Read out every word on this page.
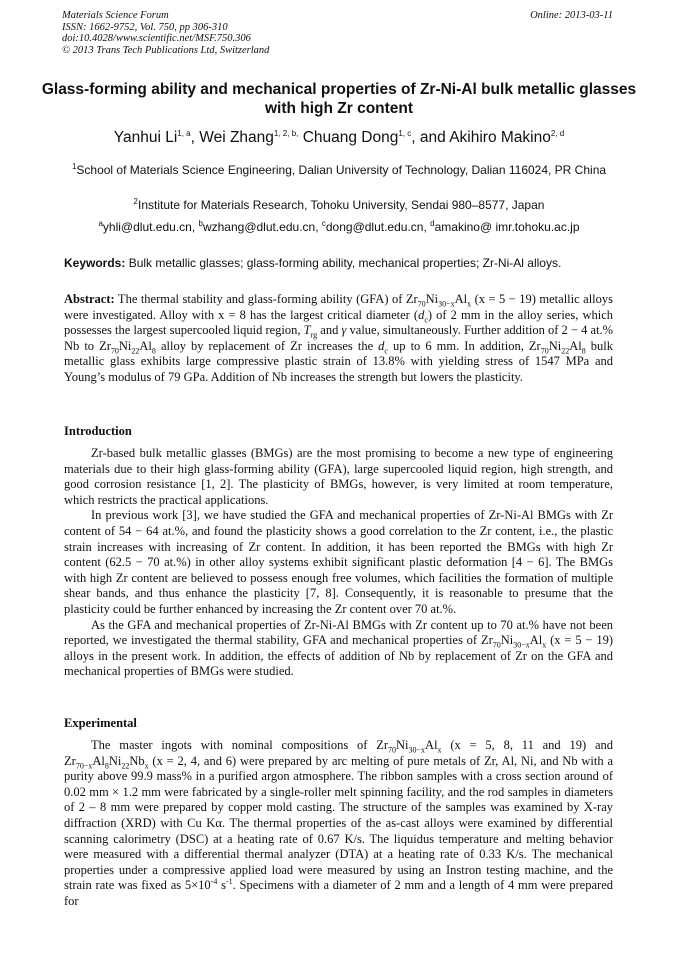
Materials Science Forum
ISSN: 1662-9752, Vol. 750, pp 306-310
doi:10.4028/www.scientific.net/MSF.750.306
© 2013 Trans Tech Publications Ltd, Switzerland
Online: 2013-03-11
Glass-forming ability and mechanical properties of Zr-Ni-Al bulk metallic glasses with high Zr content
Yanhui Li$^{1, a}$, Wei Zhang$^{1, 2, b,}$ Chuang Dong$^{1, c}$, and Akihiro Makino$^{2, d}$
$^1$School of Materials Science Engineering, Dalian University of Technology, Dalian 116024, PR China
$^2$Institute for Materials Research, Tohoku University, Sendai 980–8577, Japan
$^a$yhli@dlut.edu.cn, $^b$wzhang@dlut.edu.cn, $^c$dong@dlut.edu.cn, $^d$amakino@ imr.tohoku.ac.jp
Keywords: Bulk metallic glasses; glass-forming ability, mechanical properties; Zr-Ni-Al alloys.

Abstract: The thermal stability and glass-forming ability (GFA) of $Zr_{70}Ni_{30-x}Al_x$ (x = 5 − 19) metallic alloys were investigated. Alloy with x = 8 has the largest critical diameter $(d_c)$ of 2 mm in the alloy series, which possesses the largest supercooled liquid region, $T_{rg}$ and γ value, simultaneously. Further addition of 2 − 4 at.% Nb to $Zr_{70}Ni_{22}Al_8$ alloy by replacement of Zr increases the $d_c$ up to 6 mm. In addition, $Zr_{70}Ni_{22}Al_8$ bulk metallic glass exhibits large compressive plastic strain of 13.8% with yielding stress of 1547 MPa and Young’s modulus of 79 GPa. Addition of Nb increases the strength but lowers the plasticity.

Introduction

Zr-based bulk metallic glasses (BMGs) are the most promising to become a new type of engineering materials due to their high glass-forming ability (GFA), large supercooled liquid region, high strength, and good corrosion resistance [1, 2]. The plasticity of BMGs, however, is very limited at room temperature, which restricts the practical applications.

In previous work [3], we have studied the GFA and mechanical properties of Zr-Ni-Al BMGs with Zr content of 54 − 64 at.%, and found the plasticity shows a good correlation to the Zr content, i.e., the plastic strain increases with increasing of Zr content. In addition, it has been reported the BMGs with high Zr content (62.5 − 70 at.%) in other alloy systems exhibit significant plastic deformation [4 − 6]. The BMGs with high Zr content are believed to possess enough free volumes, which facilities the formation of multiple shear bands, and thus enhance the plasticity [7, 8]. Consequently, it is reasonable to presume that the plasticity could be further enhanced by increasing the Zr content over 70 at.%.

As the GFA and mechanical properties of Zr-Ni-Al BMGs with Zr content up to 70 at.% have not been reported, we investigated the thermal stability, GFA and mechanical properties of $Zr_{70}Ni_{30-x}Al_x$ (x = 5 − 19) alloys in the present work. In addition, the effects of addition of Nb by replacement of Zr on the GFA and mechanical properties of BMGs were studied.

Experimental

The master ingots with nominal compositions of $Zr_{70}Ni_{30-x}Al_x$ (x = 5, 8, 11 and 19) and $Zr_{70-x}Al_8Ni_{22}Nb_x$ (x = 2, 4, and 6) were prepared by arc melting of pure metals of Zr, Al, Ni, and Nb with a purity above 99.9 mass% in a purified argon atmosphere. The ribbon samples with a cross section around of 0.02 mm × 1.2 mm were fabricated by a single-roller melt spinning facility, and the rod samples in diameters of 2 – 8 mm were prepared by copper mold casting. The structure of the samples was examined by X-ray diffraction (XRD) with Cu Kα. The thermal properties of the as-cast alloys were examined by differential scanning calorimetry (DSC) at a heating rate of 0.67 K/s. The liquidus temperature and melting behavior were measured with a differential thermal analyzer (DTA) at a heating rate of 0.33 K/s. The mechanical properties under a compressive applied load were measured by using an Instron testing machine, and the strain rate was fixed as $5\times 10^{-4}$ $s^{-1}$. Specimens with a diameter of 2 mm and a length of 4 mm were prepared for
